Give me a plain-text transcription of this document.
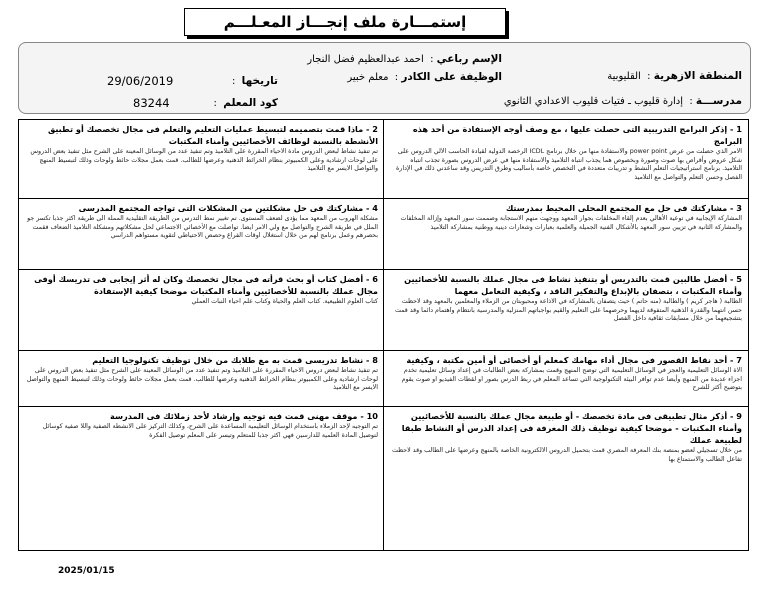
إستمـــارة ملف إنجـــاز المعـلـــم
الإسم رباعي :  احمد عبدالعظيم فضل النجار
المنطقة الازهرية :  القليوبية
الوظيفة على الكادر :  معلم خبير
تاريخها  :
29/06/2019
مدرســـة :  إدارة قليوب ـ فتيات قليوب الاعدادي الثانوي
كود المعلم  :
83244
1 - إذكر البرامج التدريبية التى حصلت عليها ، مع وصف أوجه الإستفادة من أحد هذه البرامج
الامر الذي حصلت من عرض power point والاستفادة منها من خلال برنامج ICDL الرخصة الدولية لقيادة الحاسب الالي الدروس على شكل عروض وأقراص بها صوت وصورة وبخصوص هما يجذب انتباه التلاميذ والاستفادة منها في عرض الدروس بصورة تجذب انتباه التلاميذ. برنامج استراتيجيات التعلم النشط و تدريبات متعددة في التخصص خاصة بأساليب وطرق التدريس وقد ساعدني ذلك في الإدارة الفصل وحسن التعلم والتواصل مع التلاميذ
2 - ماذا قمت بتصميمه لتبسيط عمليات التعليم والتعلم فى مجال تخصصك أو تطبيق الأنشطة بالنسبة لوظائف الأخصائيين وأمناء المكتبات
تم تنفيذ نشاط لبعض الدروس مادة الاحياء المقررة على التلاميذ وتم تنفيذ عدد من الوسائل المعينة على الشرح مثل تنفيذ بعض الدروس على لوحات ارشادية وعلى الكمبيوتر بنظام الخرائط الذهنية وعرضها للطالب. قمت بعمل مجلات حائط ولوحات وذلك لتبسيط المنهج والتواصل الايسر مع التلاميذ
3 - مشاركتك فى حل مع المجتمع المحلى المحيط بمدرستك
المشاركة الإيجابية في توعية الأهالي بعدم إلقاء المخلفات بجوار المعهد ووجهت منهم الاستجابة وصممت سور المعهد وإزالة المخلفات والمشاركة الثانية في تزيين سور المعهد بالأشكال الفنية الجميلة والعلمية بعبارات وشعارات دينية ووطنية بمشاركة التلاميذ
4 - مشاركتك فى حل مشكلتين من المشكلات التى تواجه المجتمع المدرسى
مشكلة الهروب من المعهد مما يؤدى لضعف المستوى. تم تغيير نمط التدرس من الطريقة التقليدية المملة الى طريقة اكثر جذبا تكسر جو الملل في طريقة الشرح والتواصل مع ولي الامر ايضا. تواصلت مع الأخصائي الاجتماعي لحل مشكلاتهم ومشكلة التلاميذ الضعاف فقمت بحصرهم وعمل برنامج لهم من خلال استغلال اوقات الفراغ وحصص الاحتياطي لتقوية مستواهم الدراسي
5 - أفضل طالبين قمت بالتدريس أو بتنفيذ نشاط فى مجال عملك بالنسبة للأخصائيين وأمناء المكتبات ، بتصفان بالإبداع والتفكير الناقد ، وكيفية التعامل معهما
الطالبة ( هاجر كريم ) والطالبة (منه حاتم ) حيث يتصفان بالمشاركة في الاذاعة ومحبوبتان من الزملاء والمعلمين بالمعهد وقد لاحظت حسن انتهما والقدرة الذهنية المتفوقة لديهما وحرصهما على التعليم والقيم بواجباتهم المنزلية والمدرسية بانتظام واهتمام دائما وقد قمت بتشجيعهما من خلال مسابقات ثقافية داخل الفصل
6 - أفضل كتاب أو بحث قرأته فى مجال تخصصك وكان له أثر إيجابى فى تدريسك أوفى مجال عملك بالنسبة للأخصائيين وأمناء المكتبات موضحا كيفية الإستفادة
كتاب العلوم الطبيعية. كتاب العلم والحياة وكتاب علم احياء النبات العملي
7 - أحد نقاط القصور فى مجال أداء مهامك كمعلم أو أخصائى أو أمين مكتبة ، وكيفية
الاة الوسائل التعليمية والعجز في الوسائل التعليمية التي توضح المنهج وقمت بمشاركة بعض الطالبات في إعداد وسائل تعليمية تخدم اجزاء عديدة من المنهج وأيضا عدم توافر البيئة التكنولوجية التي تساعد المعلم في ربط الدرس بصور او لقطات الفيديو او صوت يقوم بتوضيح أكثر للشرح
8 - نشاط تدريسى قمت به مع طلابك من خلال توظيف تكنولوجيا التعليم
تم تنفيذ نشاط لبعض دروس الاحياء المقررة على التلاميذ وتم تنفيذ عدد من الوسائل المعينة على الشرح مثل تنفيذ بعض الدروس على لوحات ارشادية وعلى الكمبيوتر بنظام الخرائط الذهنية وعرضها للطالب. قمت بعمل مجلات حائط ولوحات وذلك لتبسيط المنهج والتواصل الايسر مع التلاميذ
9 - أذكر مثال تطبيقى فى مادة تخصصك - أو طبيعة مجال عملك بالنسبة للأخصائيين وأمناء المكتبات - موضحا كيفية توظيف ذلك المعرفة فى إعداد الدرس أو النشاط طبقا لطبيعة عملك
من خلال تسجيلي لعضو بمنصة بنك المعرفة المصري قمت بتحميل الدروس الالكترونية الخاصة بالمنهج وعرضها على الطالب وقد لاحظت تفاعل الطالب والاستمتاع بها
10 - موقف مهنى قمت فيه توجيه وإرشاد لأحد زملائك فى المدرسة
تم التوجيه لإحد الزملاء باستخدام الوسائل التعليمية المساعدة على الشرح، وكذلك التركيز على الانشطة الصفية واللا صفية كوسائل لتوصيل المادة العلمية للدارسين فهي اكثر جذبا للمتعلم وتيسر على المعلم توصيل الفكرة
2025/01/15
